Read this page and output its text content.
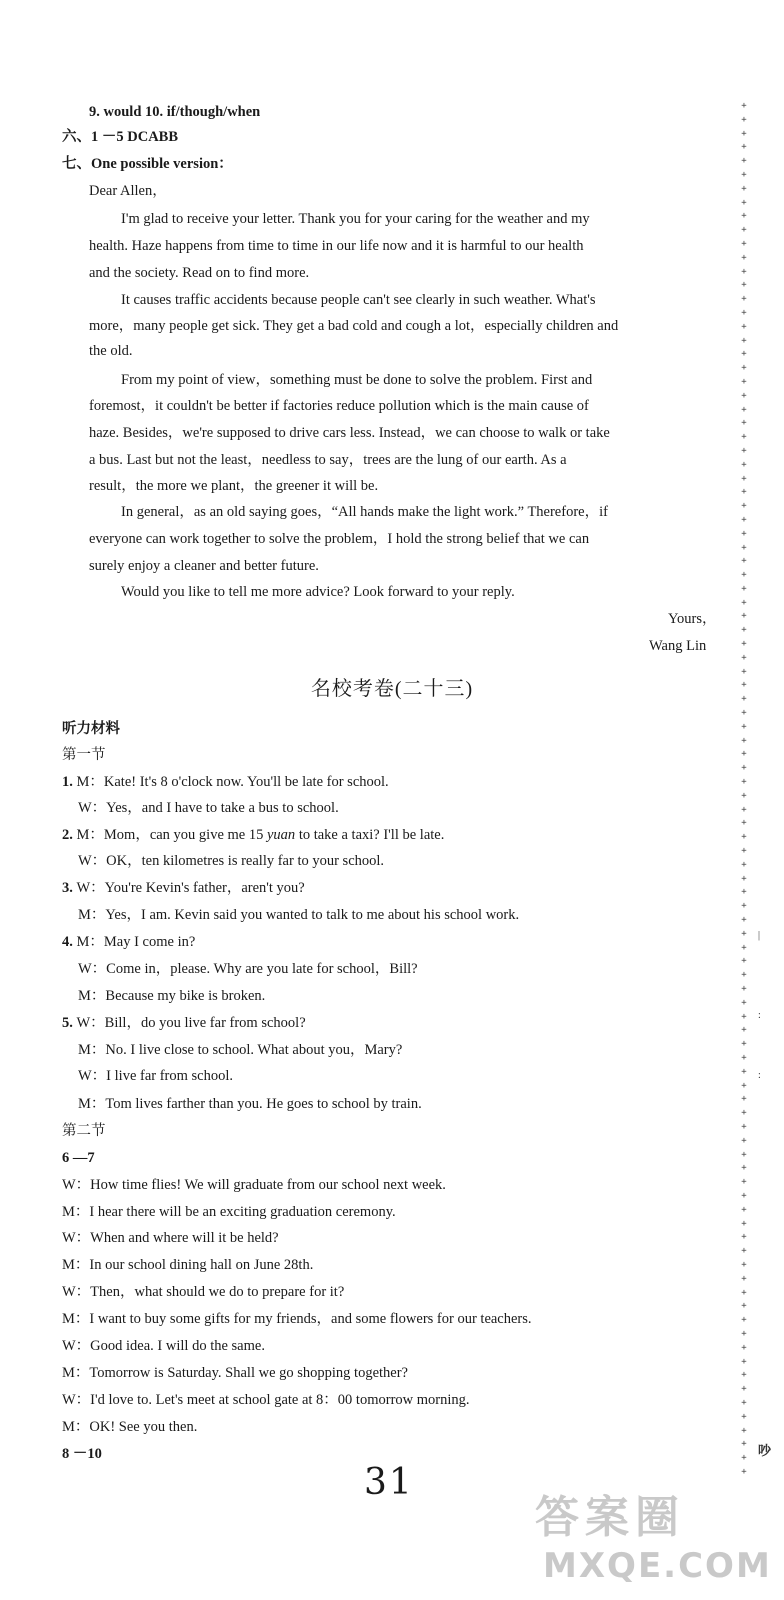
9. would 10. if/though/when
六、1 －5 DCABB
七、One possible version：
Dear Allen，
I'm glad to receive your letter. Thank you for your caring for the weather and my
health. Haze happens from time to time in our life now and it is harmful to our health
and the society. Read on to find more.
It causes traffic accidents because people can't see clearly in such weather. What's
more，many people get sick. They get a bad cold and cough a lot，especially children and
the old.
From my point of view，something must be done to solve the problem. First and
foremost，it couldn't be better if factories reduce pollution which is the main cause of
haze. Besides，we're supposed to drive cars less. Instead，we can choose to walk or take
a bus. Last but not the least，needless to say，trees are the lung of our earth. As a
result，the more we plant，the greener it will be.
In general，as an old saying goes，“All hands make the light work.” Therefore，if
everyone can work together to solve the problem，I hold the strong belief that we can
surely enjoy a cleaner and better future.
Would you like to tell me more advice? Look forward to your reply.
Yours，
Wang Lin
名校考卷(二十三)
听力材料
第一节
1. M：Kate! It's 8 o'clock now. You'll be late for school.
W：Yes，and I have to take a bus to school.
2. M：Mom，can you give me 15 yuan to take a taxi? I'll be late.
W：OK，ten kilometres is really far to your school.
3. W：You're Kevin's father，aren't you?
M：Yes，I am. Kevin said you wanted to talk to me about his school work.
4. M：May I come in?
W：Come in，please. Why are you late for school，Bill?
M：Because my bike is broken.
5. W：Bill，do you live far from school?
M：No. I live close to school. What about you，Mary?
W：I live far from school.
M：Tom lives farther than you. He goes to school by train.
第二节
6 —7
W：How time flies! We will graduate from our school next week.
M：I hear there will be an exciting graduation ceremony.
W：When and where will it be held?
M：In our school dining hall on June 28th.
W：Then，what should we do to prepare for it?
M：I want to buy some gifts for my friends，and some flowers for our teachers.
W：Good idea. I will do the same.
M：Tomorrow is Saturday. Shall we go shopping together?
W：I'd love to. Let's meet at school gate at 8：00 tomorrow morning.
M：OK! See you then.
8 －10
31
+
+
+
+
+
+
+
+
+
+
+
+
+
+
+
+
+
+
+
+
+
+
+
+
+
+
+
+
+
+
+
+
+
+
+
+
+
+
+
+
+
+
+
+
+
+
+
+
+
+
+
+
+
+
+
+
+
+
+
+
+
+
+
+
+
+
+
+
+
+
+
+
+
+
+
+
+
+
+
+
+
+
+
+
+
+
+
+
+
+
+
+
+
+
+
+
+
+
+
+
|
:
:
吵
答案圈
MXQE.COM
